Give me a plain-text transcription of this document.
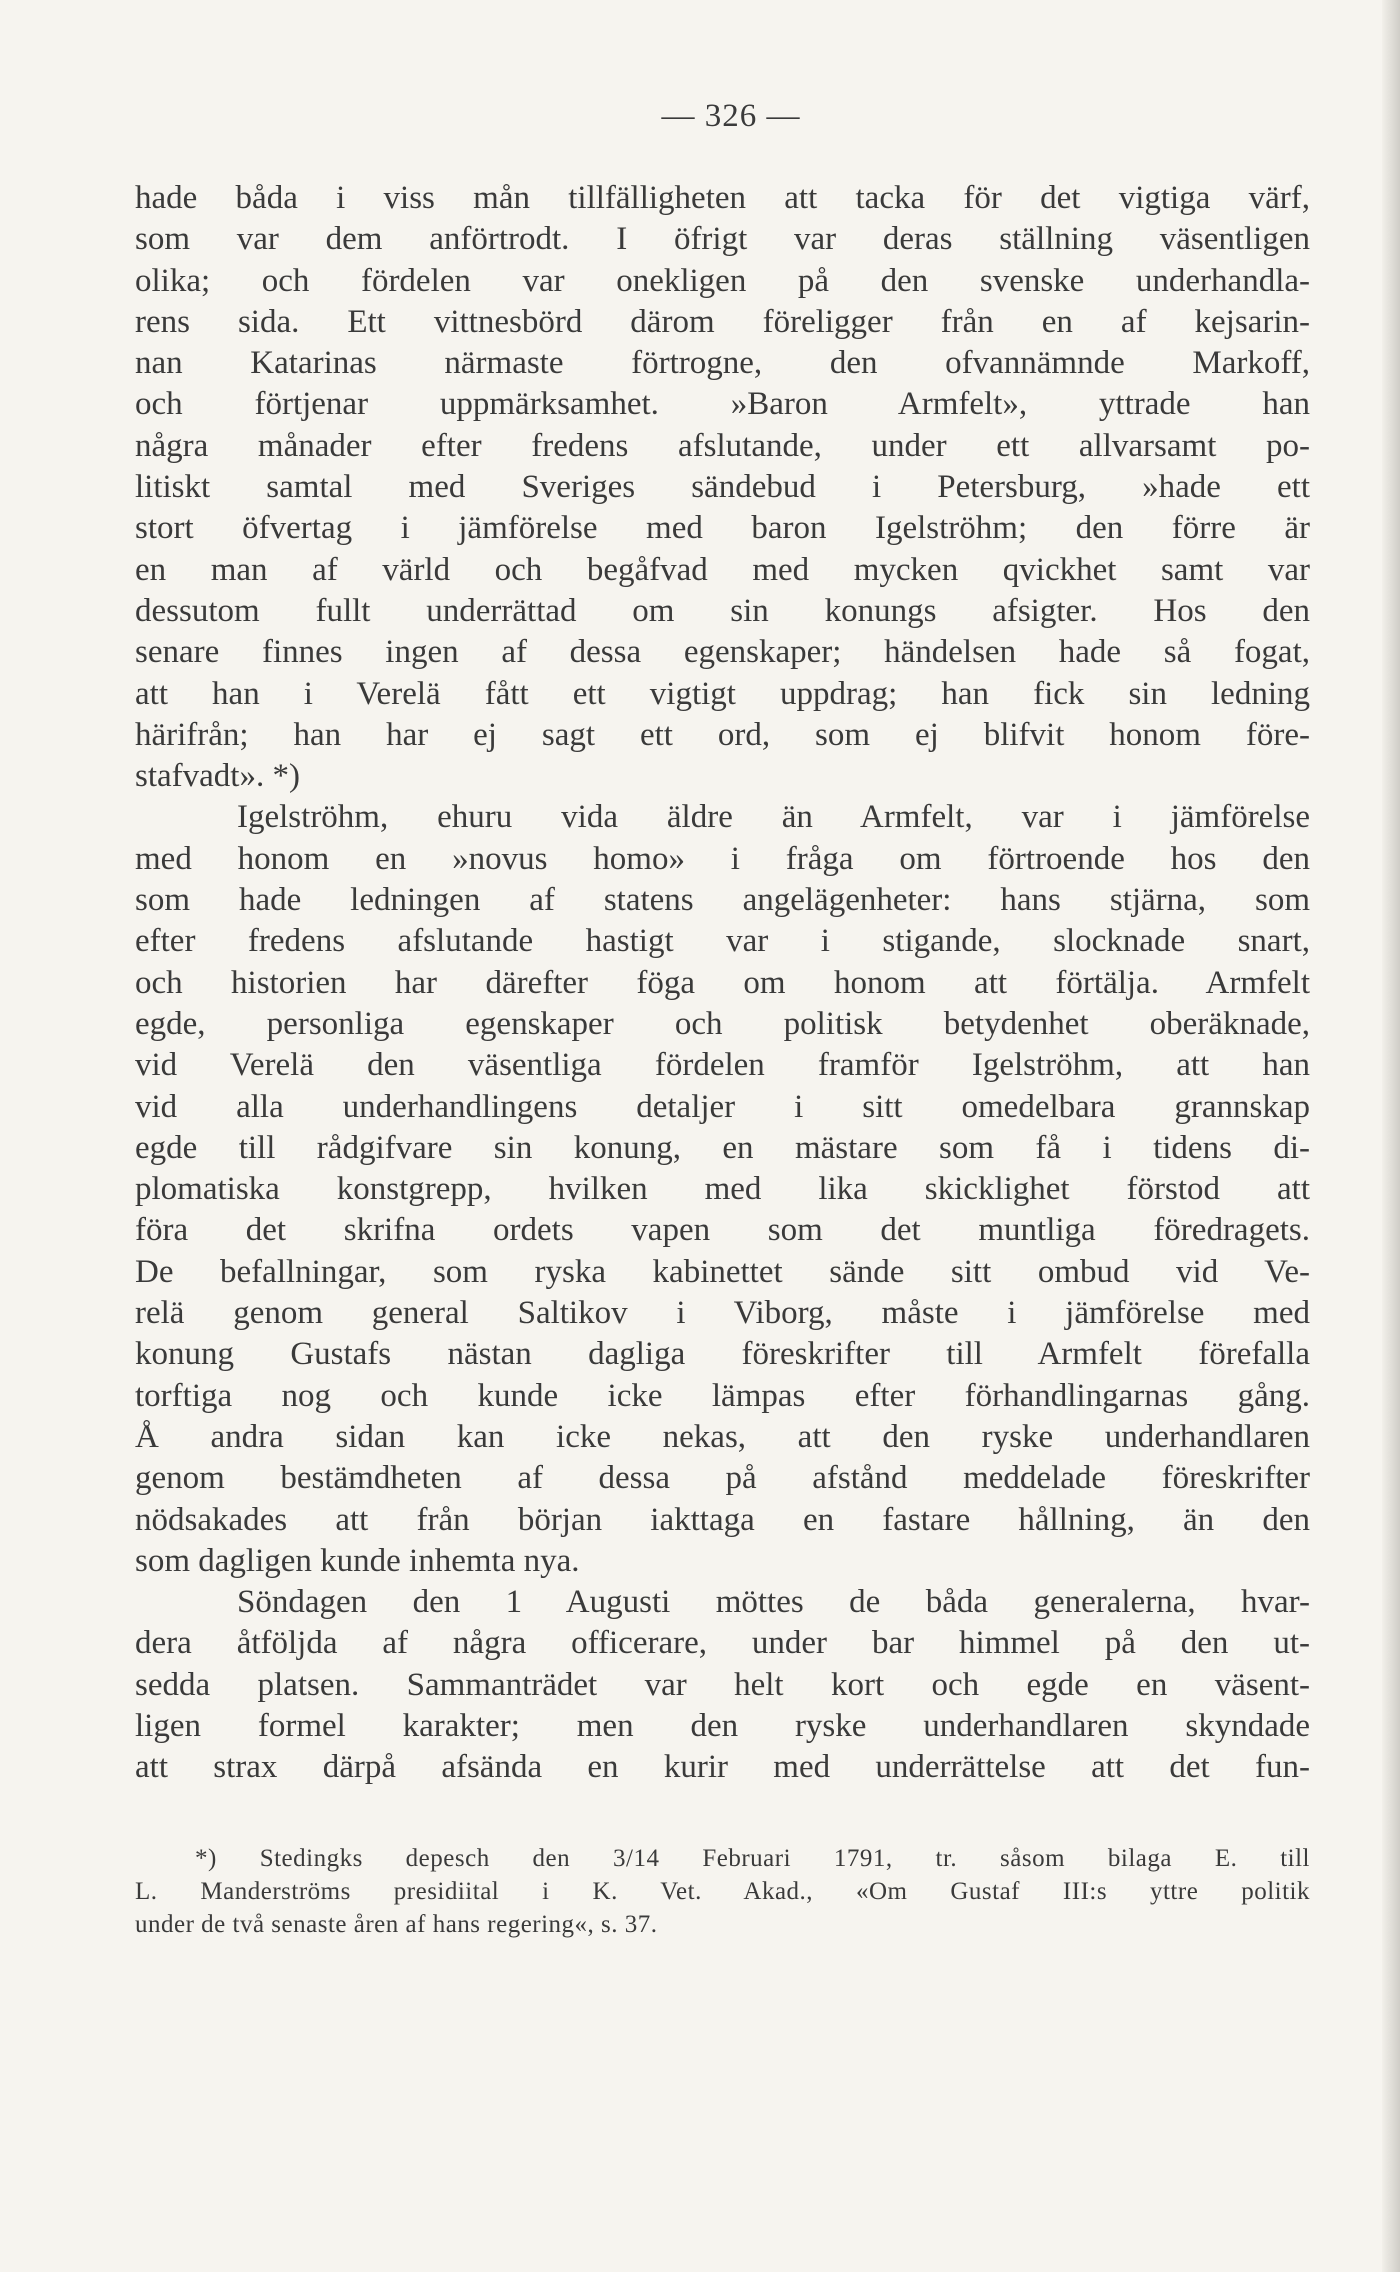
— 326 —
hade båda i viss mån tillfälligheten att tacka för det vigtiga värf,
som var dem anförtrodt. I öfrigt var deras ställning väsentligen
olika; och fördelen var onekligen på den svenske underhandla-
rens sida. Ett vittnesbörd därom föreligger från en af kejsarin-
nan Katarinas närmaste förtrogne, den ofvannämnde Markoff,
och förtjenar uppmärksamhet. »Baron Armfelt», yttrade han
några månader efter fredens afslutande, under ett allvarsamt po-
litiskt samtal med Sveriges sändebud i Petersburg, »hade ett
stort öfvertag i jämförelse med baron Igelströhm; den förre är
en man af värld och begåfvad med mycken qvickhet samt var
dessutom fullt underrättad om sin konungs afsigter. Hos den
senare finnes ingen af dessa egenskaper; händelsen hade så fogat,
att han i Verelä fått ett vigtigt uppdrag; han fick sin ledning
härifrån; han har ej sagt ett ord, som ej blifvit honom före-
stafvadt». *)
Igelströhm, ehuru vida äldre än Armfelt, var i jämförelse
med honom en »novus homo» i fråga om förtroende hos den
som hade ledningen af statens angelägenheter: hans stjärna, som
efter fredens afslutande hastigt var i stigande, slocknade snart,
och historien har därefter föga om honom att förtälja. Armfelt
egde, personliga egenskaper och politisk betydenhet oberäknade,
vid Verelä den väsentliga fördelen framför Igelströhm, att han
vid alla underhandlingens detaljer i sitt omedelbara grannskap
egde till rådgifvare sin konung, en mästare som få i tidens di-
plomatiska konstgrepp, hvilken med lika skicklighet förstod att
föra det skrifna ordets vapen som det muntliga föredragets.
De befallningar, som ryska kabinettet sände sitt ombud vid Ve-
relä genom general Saltikov i Viborg, måste i jämförelse med
konung Gustafs nästan dagliga föreskrifter till Armfelt förefalla
torftiga nog och kunde icke lämpas efter förhandlingarnas gång.
Å andra sidan kan icke nekas, att den ryske underhandlaren
genom bestämdheten af dessa på afstånd meddelade föreskrifter
nödsakades att från början iakttaga en fastare hållning, än den
som dagligen kunde inhemta nya.
Söndagen den 1 Augusti möttes de båda generalerna, hvar-
dera åtföljda af några officerare, under bar himmel på den ut-
sedda platsen. Sammanträdet var helt kort och egde en väsent-
ligen formel karakter; men den ryske underhandlaren skyndade
att strax därpå afsända en kurir med underrättelse att det fun-
*) Stedingks depesch den 3/14 Februari 1791, tr. såsom bilaga E. till
L. Manderströms presidiital i K. Vet. Akad., «Om Gustaf III:s yttre politik
under de två senaste åren af hans regering«, s. 37.
